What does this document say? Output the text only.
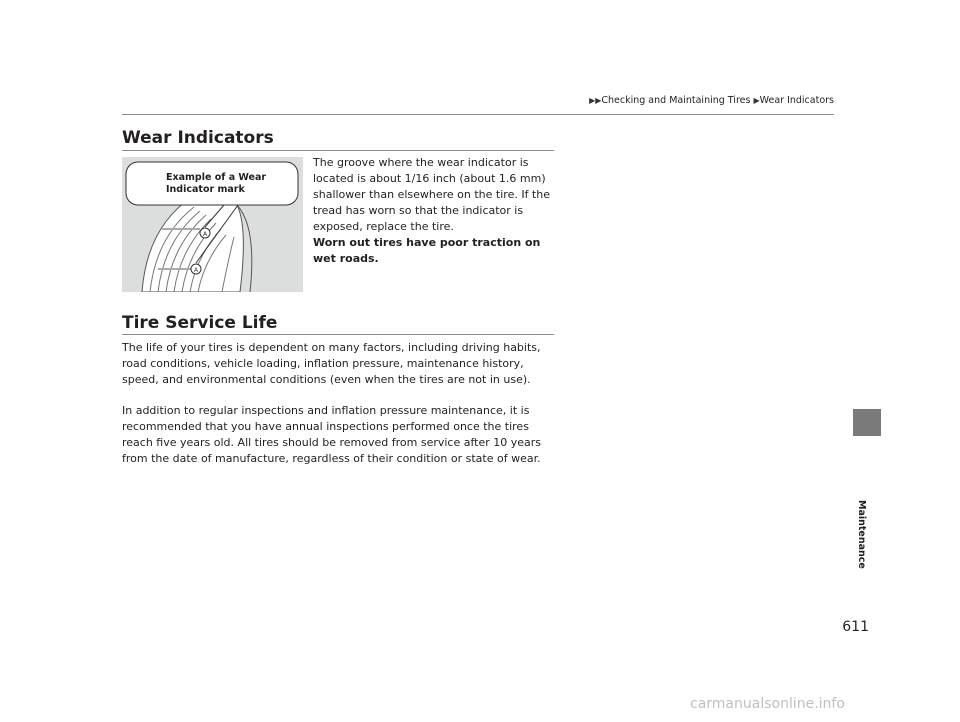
▶▶Checking and Maintaining Tires ▶Wear Indicators
Maintenance
Wear Indicators
A
A
Example of a Wear
Indicator mark

The groove where the wear indicator is located is about 1/16 inch (about 1.6 mm) shallower than elsewhere on the tire. If the tread has worn so that the indicator is exposed, replace the tire.
Worn out tires have poor traction on wet roads.

Tire Service Life

The life of your tires is dependent on many factors, including driving habits, road conditions, vehicle loading, inflation pressure, maintenance history, speed, and environmental conditions (even when the tires are not in use).

In addition to regular inspections and inflation pressure maintenance, it is recommended that you have annual inspections performed once the tires reach five years old. All tires should be removed from service after 10 years from the date of manufacture, regardless of their condition or state of wear.

611
carmanualsonline.info
